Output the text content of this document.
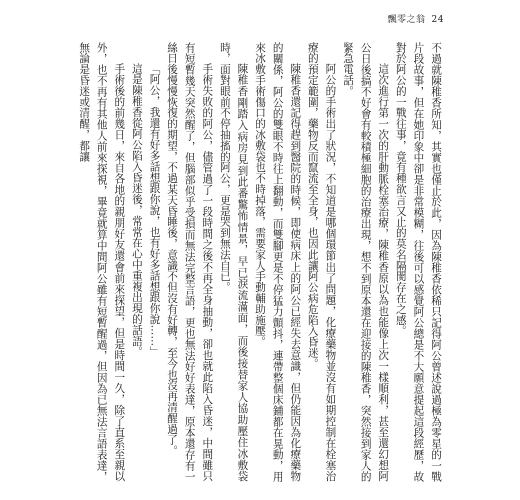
飄零之翁 24

不過就陳稚香所知，其實也僅止於此，因為陳稚香依稀只記得阿公曾述說過極為零星的一戰片段故事，但在她印象中卻是非常模糊，往後可以感覺阿公總是不大願意提起這段經歷，故對於阿公的一戰往事，竟有種欲言又止的莫名隔閡存在之感。

這次進行第一次的肝動脈栓塞治療，陳稚香原以為也能像上次一樣順利，甚至還幻想阿公日後搞不好會有較積極細胞的治療出現，想不到原本還在迎接的陳稚香，突然接到家人的緊急電話。

阿公的手術出了狀況，不知道是哪個環節出了問題，化療藥物並沒有如期控制在栓塞治療的預定範圍，藥物反而竄流至全身，也因此讓阿公病危陷入昏迷。

陳稚香還記得趕到醫院的時候，即使病床上的阿公已經失去意識，但仍能因為化療藥物的關係，阿公的雙眼不時往上翻動，而雙腳更是不停猛力顫抖，連帶整個床鋪都在晃動，用來冰敷手術傷口的冰敷袋也不時掉落，需要家人手動輔助施壓。

陳稚香剛踏入病房見到此番驚怖情景，早已淚流滿面，而後接替家人協助壓住冰敷袋時，面對眼前不停抽搐的阿公，更是哭到無法自已。

手術失敗的阿公，儘管過了一段時間之後不再全身抽動，卻也就此陷入昏迷，中間雖只有短暫幾天突然醒了，但腦部似乎受損而無法完整言語，更也無法好好表達，原本還存有一絲日後慢慢恢復的期望，不過某天昏睡後，意識不但沒有好轉，至今也沒再清醒過了。

「阿公，我還有好多話想跟你說，也有好多話想跟你說……」

這是陳稚香從阿公陷入昏迷後，常常在心中重複出現的話語。

手術後的前幾日，來自各地的親朋好友還會前來探望，但是時間一久，除了直系至親以外，也不再有其他人前來探視，畢竟就算中間阿公雖有短暫醒過，但因為已無法言語表達，無論是昏迷或清醒，都讓
